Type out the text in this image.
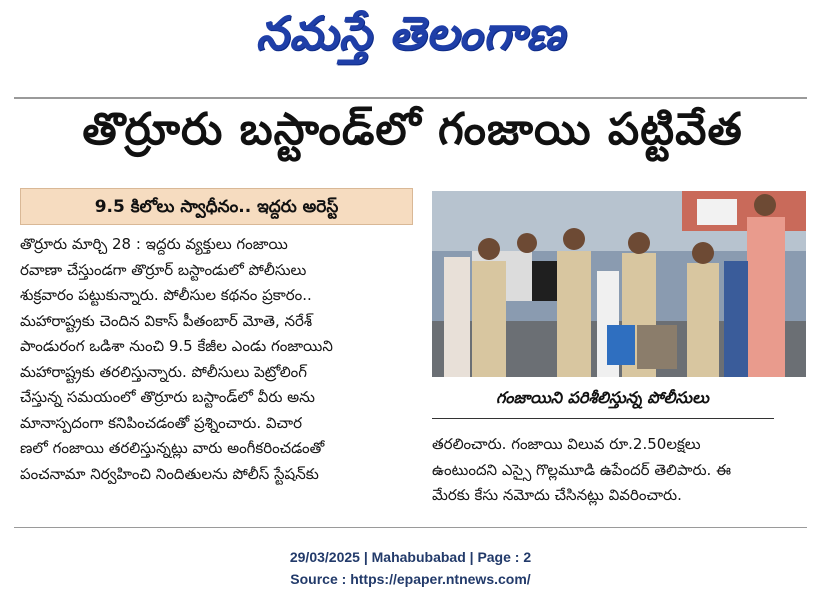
నమస్తే తెలంగాణ
తొర్రూరు బస్టాండ్‌లో గంజాయి పట్టివేత
9.5 కిలోలు స్వాధీనం.. ఇద్దరు అరెస్ట్
తొర్రూరు మార్చి 28 : ఇద్దరు వ్యక్తులు గంజాయి
రవాణా చేస్తుండగా తొర్రూర్ బస్టాండులో పోలీసులు
శుక్రవారం పట్టుకున్నారు. పోలీసుల కథనం ప్రకారం..
మహారాష్ట్రకు చెందిన వికాస్ పీతంబార్ మోతె, నరేశ్
పాండురంగ ఒడిశా నుంచి 9.5 కేజీల ఎండు గంజాయిని
మహారాష్ట్రకు తరలిస్తున్నారు. పోలీసులు పెట్రోలింగ్
చేస్తున్న సమయంలో తొర్రూరు బస్టాండ్‌లో వీరు అను
మానాస్పదంగా కనిపించడంతో ప్రశ్నించారు. విచార
ణలో గంజాయి తరలిస్తున్నట్లు వారు అంగీకరించడంతో
పంచనామా నిర్వహించి నిందితులను పోలీస్ స్టేషన్‌కు
గంజాయిని పరిశీలిస్తున్న పోలీసులు
తరలించారు. గంజాయి విలువ రూ.2.50లక్షలు
ఉంటుందని ఎస్సై గొల్లమూడి ఉపేందర్ తెలిపారు. ఈ
మేరకు కేసు నమోదు చేసినట్లు వివరించారు.
29/03/2025 | Mahabubabad | Page : 2
Source : https://epaper.ntnews.com/
